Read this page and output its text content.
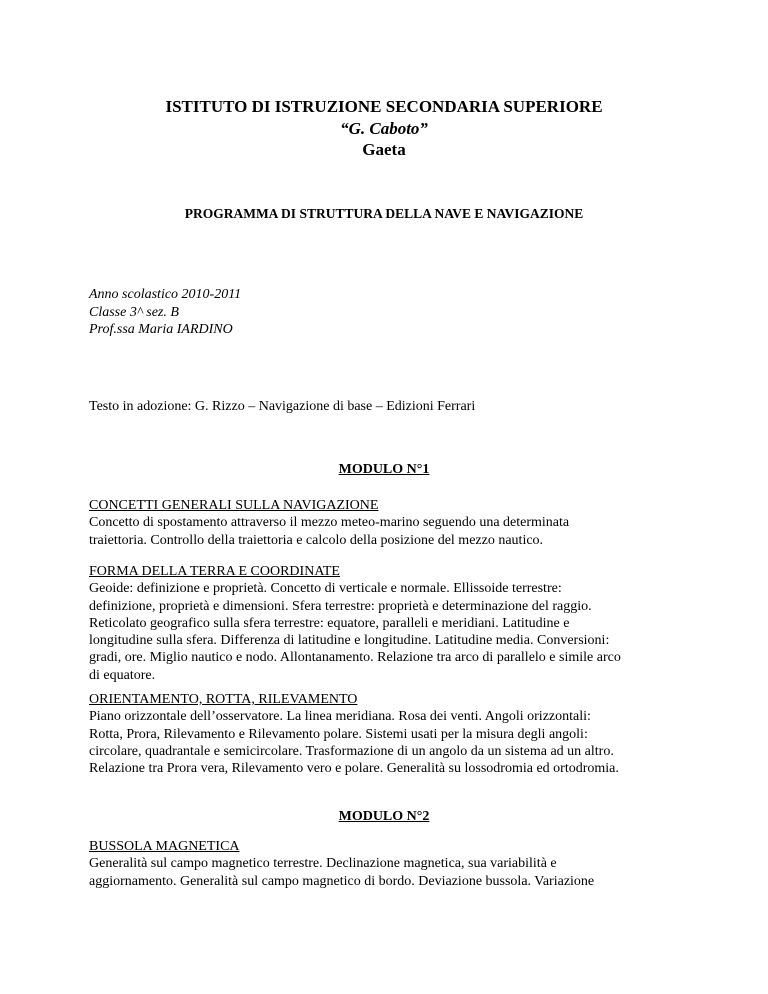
ISTITUTO DI ISTRUZIONE SECONDARIA SUPERIORE
“G. Caboto”
Gaeta
PROGRAMMA DI STRUTTURA DELLA NAVE E NAVIGAZIONE
Anno scolastico 2010-2011
Classe 3^ sez. B
Prof.ssa Maria IARDINO
Testo in adozione: G. Rizzo – Navigazione di base – Edizioni Ferrari
MODULO N°1
CONCETTI GENERALI SULLA NAVIGAZIONE
Concetto di spostamento attraverso il mezzo meteo-marino seguendo una determinata
traiettoria. Controllo della traiettoria e calcolo della posizione del mezzo nautico.
FORMA DELLA TERRA E COORDINATE
Geoide: definizione e proprietà. Concetto di verticale e normale. Ellissoide terrestre:
definizione, proprietà e dimensioni. Sfera terrestre: proprietà e determinazione del raggio.
Reticolato geografico sulla sfera terrestre: equatore, paralleli e meridiani. Latitudine e
longitudine sulla sfera. Differenza di latitudine e longitudine. Latitudine media. Conversioni:
gradi, ore. Miglio nautico e nodo. Allontanamento. Relazione tra arco di parallelo e simile arco
di equatore.
ORIENTAMENTO, ROTTA, RILEVAMENTO
Piano orizzontale dell’osservatore. La linea meridiana. Rosa dei venti. Angoli orizzontali:
Rotta, Prora, Rilevamento e Rilevamento polare. Sistemi usati per la misura degli angoli:
circolare, quadrantale e semicircolare. Trasformazione di un angolo da un sistema ad un altro.
Relazione tra Prora vera, Rilevamento vero e polare. Generalità su lossodromia ed ortodromia.
MODULO N°2
BUSSOLA MAGNETICA
Generalità sul campo magnetico terrestre. Declinazione magnetica, sua variabilità e
aggiornamento. Generalità sul campo magnetico di bordo. Deviazione bussola. Variazione
